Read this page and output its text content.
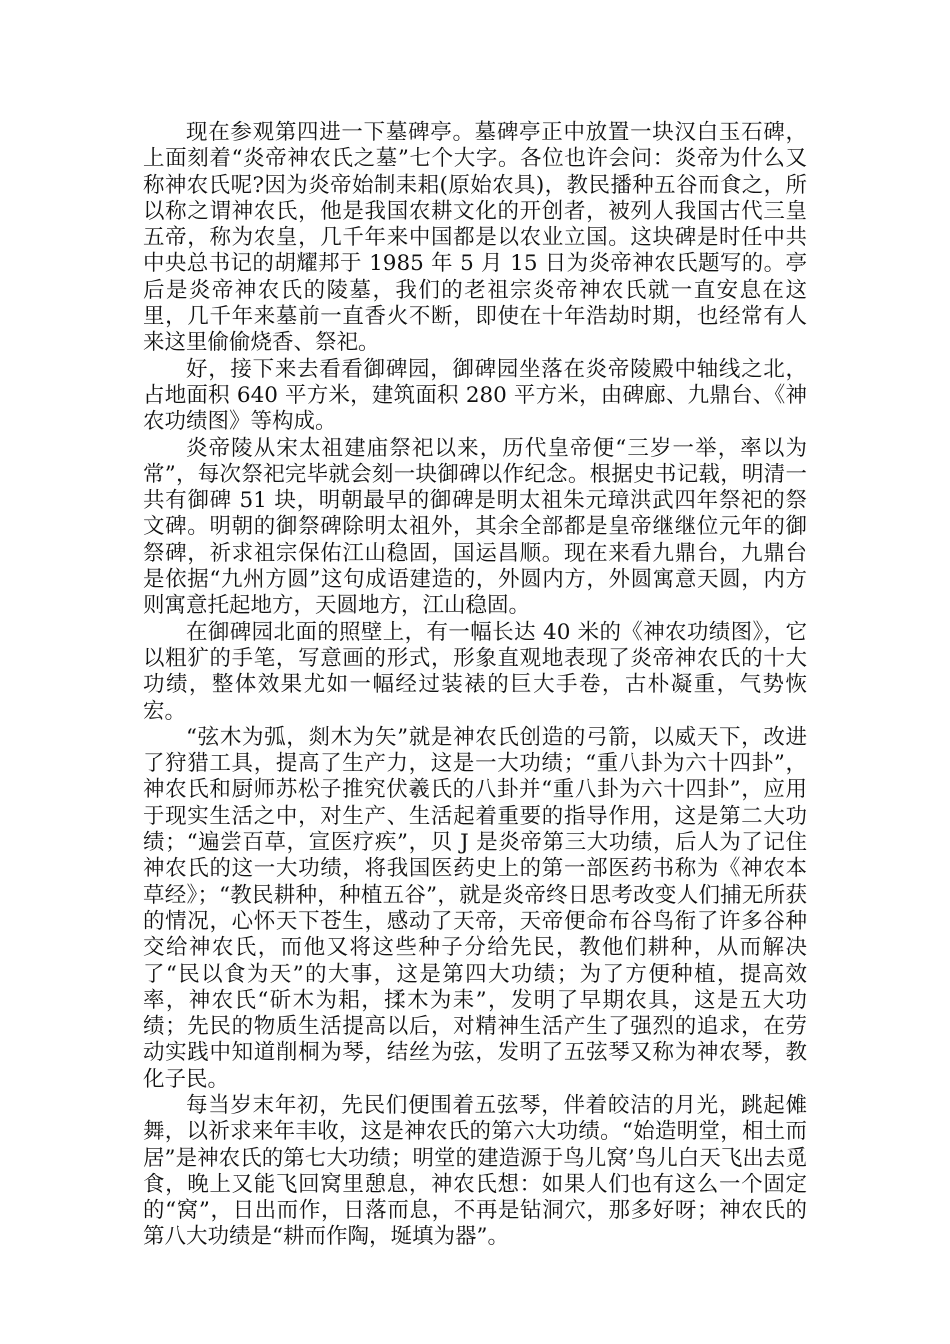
现在参观第四进一下墓碑亭。墓碑亭正中放置一块汉白玉石碑，上面刻着“炎帝神农氏之墓”七个大字。各位也许会问：炎帝为什么又称神农氏呢?因为炎帝始制耒耜(原始农具)，教民播种五谷而食之，所以称之谓神农氏，他是我国农耕文化的开创者，被列人我国古代三皇五帝，称为农皇，几千年来中国都是以农业立国。这块碑是时任中共中央总书记的胡耀邦于 1985 年 5 月 15 日为炎帝神农氏题写的。亭后是炎帝神农氏的陵墓，我们的老祖宗炎帝神农氏就一直安息在这里，几千年来墓前一直香火不断，即使在十年浩劫时期，也经常有人来这里偷偷烧香、祭祀。

好，接下来去看看御碑园，御碑园坐落在炎帝陵殿中轴线之北，占地面积 640 平方米，建筑面积 280 平方米，由碑廊、九鼎台、《神农功绩图》等构成。

炎帝陵从宋太祖建庙祭祀以来，历代皇帝便“三岁一举，率以为常”，每次祭祀完毕就会刻一块御碑以作纪念。根据史书记载，明清一共有御碑 51 块，明朝最早的御碑是明太祖朱元璋洪武四年祭祀的祭文碑。明朝的御祭碑除明太祖外，其余全部都是皇帝继继位元年的御祭碑，祈求祖宗保佑江山稳固，国运昌顺。现在来看九鼎台，九鼎台是依据“九州方圆”这句成语建造的，外圆内方，外圆寓意天圆，内方则寓意托起地方，天圆地方，江山稳固。

在御碑园北面的照壁上，有一幅长达 40 米的《神农功绩图》，它以粗犷的手笔，写意画的形式，形象直观地表现了炎帝神农氏的十大功绩，整体效果尤如一幅经过装裱的巨大手卷，古朴凝重，气势恢宏。

“弦木为弧，剡木为矢”就是神农氏创造的弓箭，以威天下，改进了狩猎工具，提高了生产力，这是一大功绩；“重八卦为六十四卦”，神农氏和厨师苏松子推究伏羲氏的八卦并“重八卦为六十四卦”，应用于现实生活之中，对生产、生活起着重要的指导作用，这是第二大功绩；“遍尝百草，宣医疗疾”，贝 J 是炎帝第三大功绩，后人为了记住神农氏的这一大功绩，将我国医药史上的第一部医药书称为《神农本草经》；“教民耕种，种植五谷”，就是炎帝终日思考改变人们捕无所获的情况，心怀天下苍生，感动了天帝，天帝便命布谷鸟衔了许多谷种交给神农氏，而他又将这些种子分给先民，教他们耕种，从而解决了“民以食为天”的大事，这是第四大功绩；为了方便种植，提高效率，神农氏“斫木为耜，揉木为耒”，发明了早期农具，这是五大功绩；先民的物质生活提高以后，对精神生活产生了强烈的追求，在劳动实践中知道削桐为琴，结丝为弦，发明了五弦琴又称为神农琴，教化子民。

每当岁末年初，先民们便围着五弦琴，伴着皎洁的月光，跳起傩舞，以祈求来年丰收，这是神农氏的第六大功绩。“始造明堂，相土而居”是神农氏的第七大功绩；明堂的建造源于鸟儿窝’鸟儿白天飞出去觅食，晚上又能飞回窝里憩息，神农氏想：如果人们也有这么一个固定的“窝”，日出而作，日落而息，不再是钻洞穴，那多好呀；神农氏的第八大功绩是“耕而作陶，埏填为器”。
